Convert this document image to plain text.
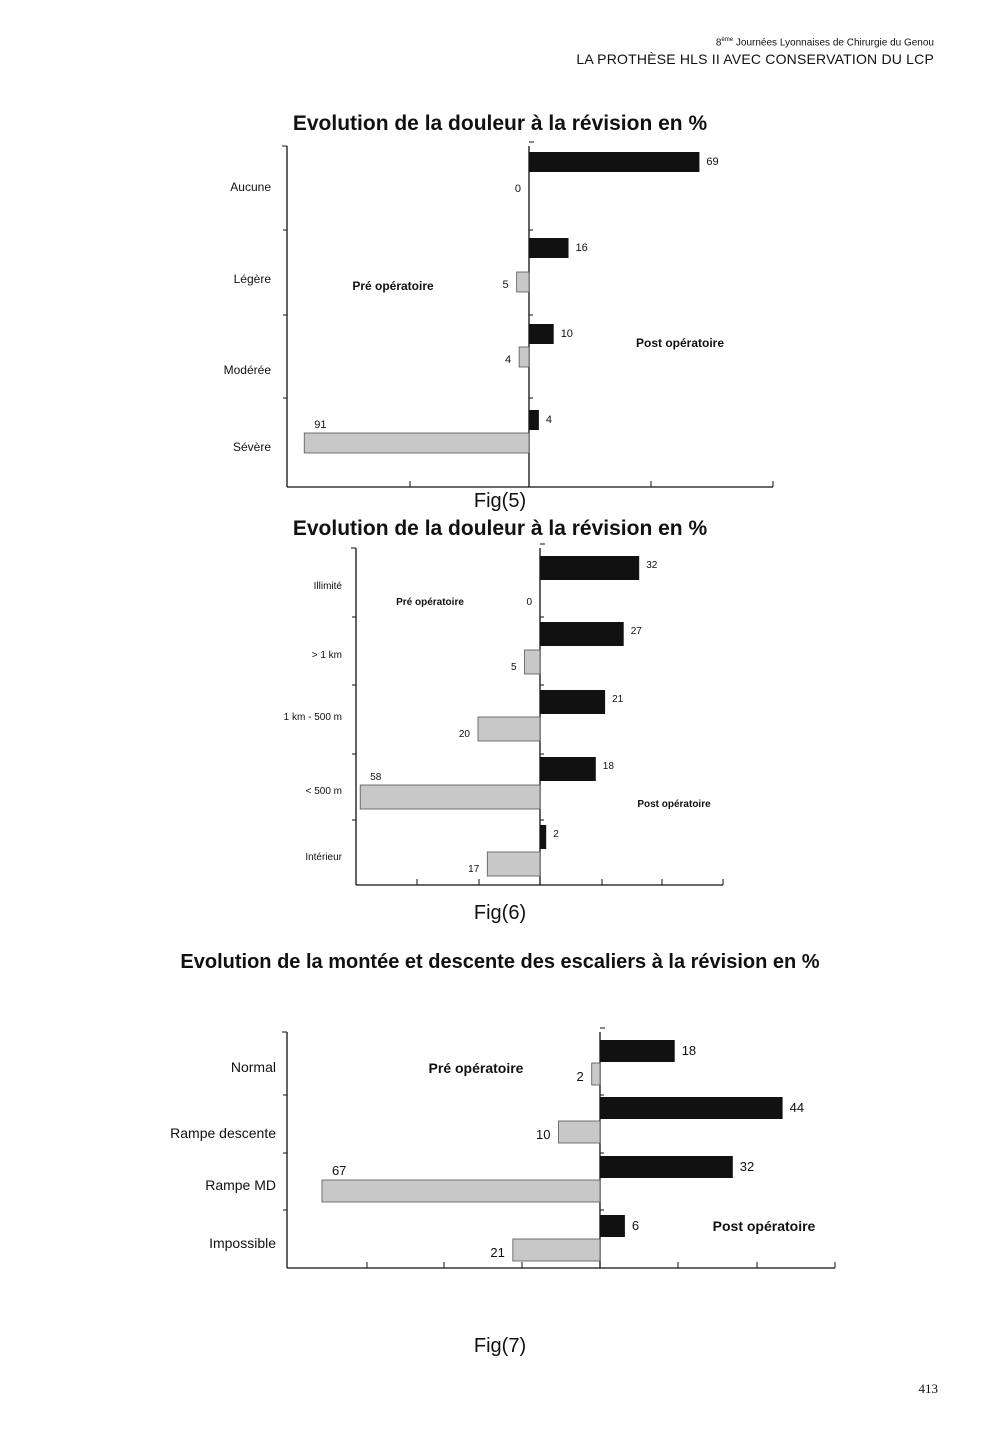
8ème Journées Lyonnaises de Chirurgie du Genou
LA PROTHÈSE HLS II AVEC CONSERVATION DU LCP
Evolution de la douleur à la révision en %
Aucune
Légère
Modérée
Sévère
69
16
10
4
0
5
4
91
Pré opératoire
Post opératoire
Fig(5)
Evolution de la douleur à la révision en %
Illimité
> 1 km
1 km - 500 m
< 500 m
Intérieur
32
27
21
18
2
0
5
20
58
17
Pré opératoire
Post opératoire
Fig(6)
Evolution de la montée et descente des escaliers à la révision en %
Normal
Rampe descente
Rampe MD
Impossible
18
44
32
6
2
10
67
21
Pré opératoire
Post opératoire
Fig(7)
413
